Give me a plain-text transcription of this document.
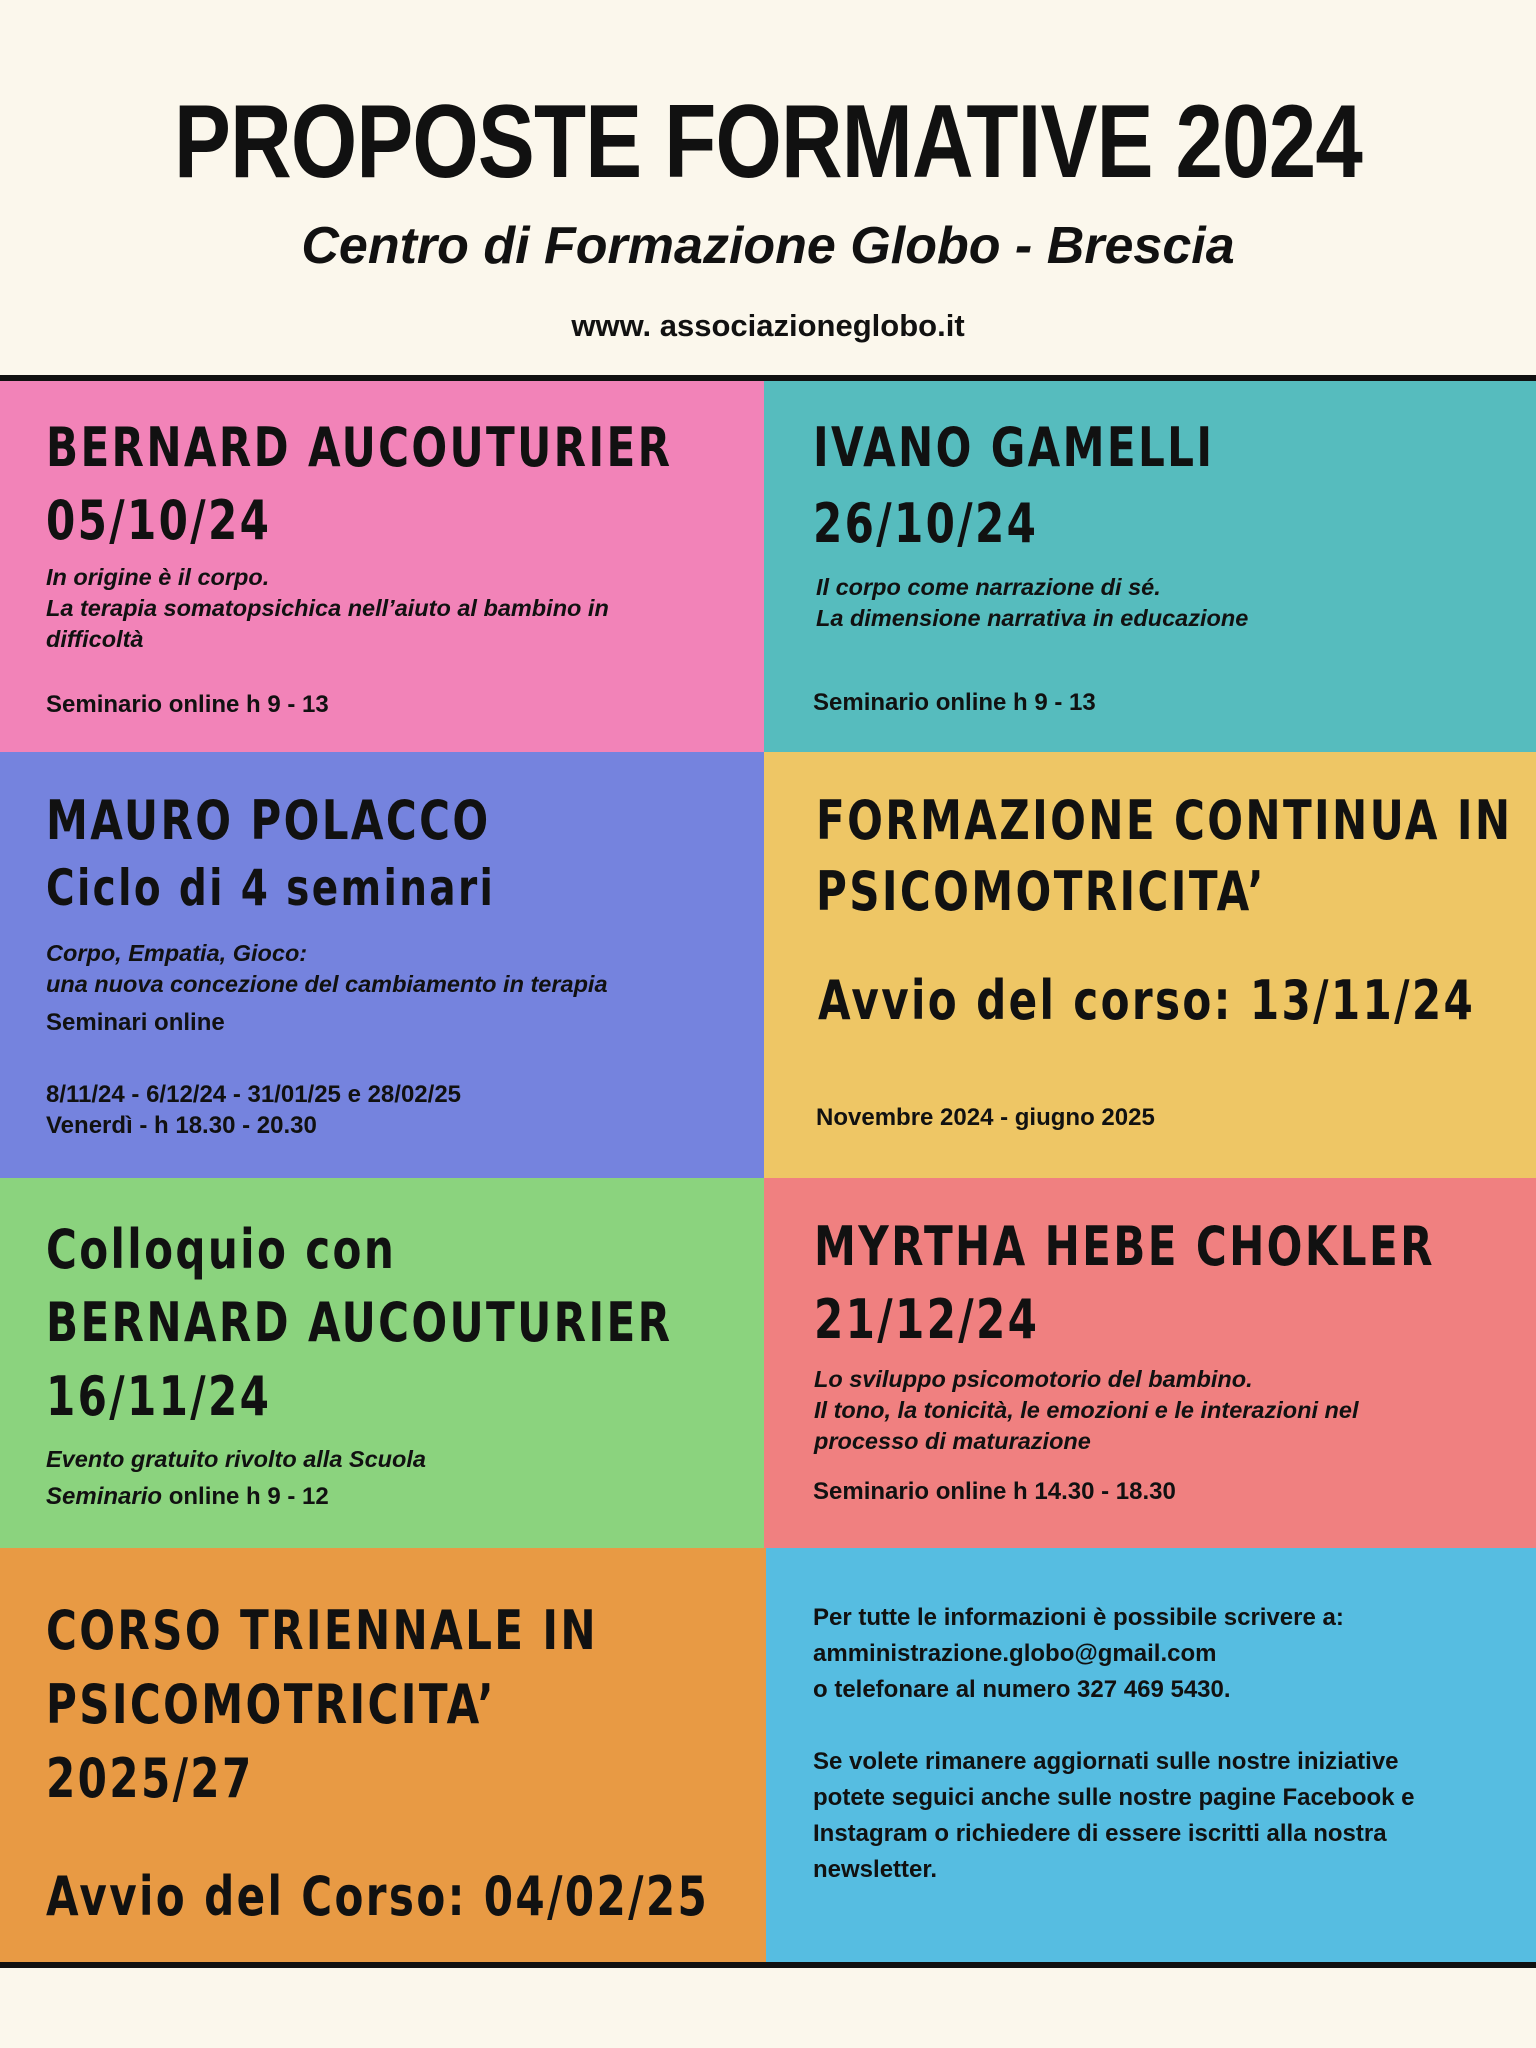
PROPOSTE FORMATIVE 2024
Centro di Formazione Globo - Brescia
www. associazioneglobo.it
BERNARD AUCOUTURIER
05/10/24
In origine è il corpo.
La terapia somatopsichica nell’aiuto al bambino in
difficoltà
Seminario online h 9 - 13
IVANO GAMELLI
26/10/24
Il corpo come narrazione di sé.
La dimensione narrativa in educazione
Seminario online h 9 - 13
MAURO POLACCO
Ciclo di 4 seminari
Corpo, Empatia, Gioco:
una nuova concezione del cambiamento in terapia
Seminari online
8/11/24 - 6/12/24 - 31/01/25 e 28/02/25
Venerdì - h 18.30 - 20.30
FORMAZIONE CONTINUA IN
PSICOMOTRICITA’
Avvio del corso: 13/11/24
Novembre 2024 - giugno 2025
Colloquio con
BERNARD AUCOUTURIER
16/11/24
Evento gratuito rivolto alla Scuola
Seminario online h 9 - 12
MYRTHA HEBE CHOKLER
21/12/24
Lo sviluppo psicomotorio del bambino.
Il tono, la tonicità, le emozioni e le interazioni nel
processo di maturazione
Seminario online h 14.30 - 18.30
CORSO TRIENNALE IN
PSICOMOTRICITA’
2025/27
Avvio del Corso: 04/02/25
Per tutte le informazioni è possibile scrivere a:
amministrazione.globo@gmail.com
o telefonare al numero 327 469 5430.
Se volete rimanere aggiornati sulle nostre iniziative
potete seguici anche sulle nostre pagine Facebook e
Instagram o richiedere di essere iscritti alla nostra
newsletter.
